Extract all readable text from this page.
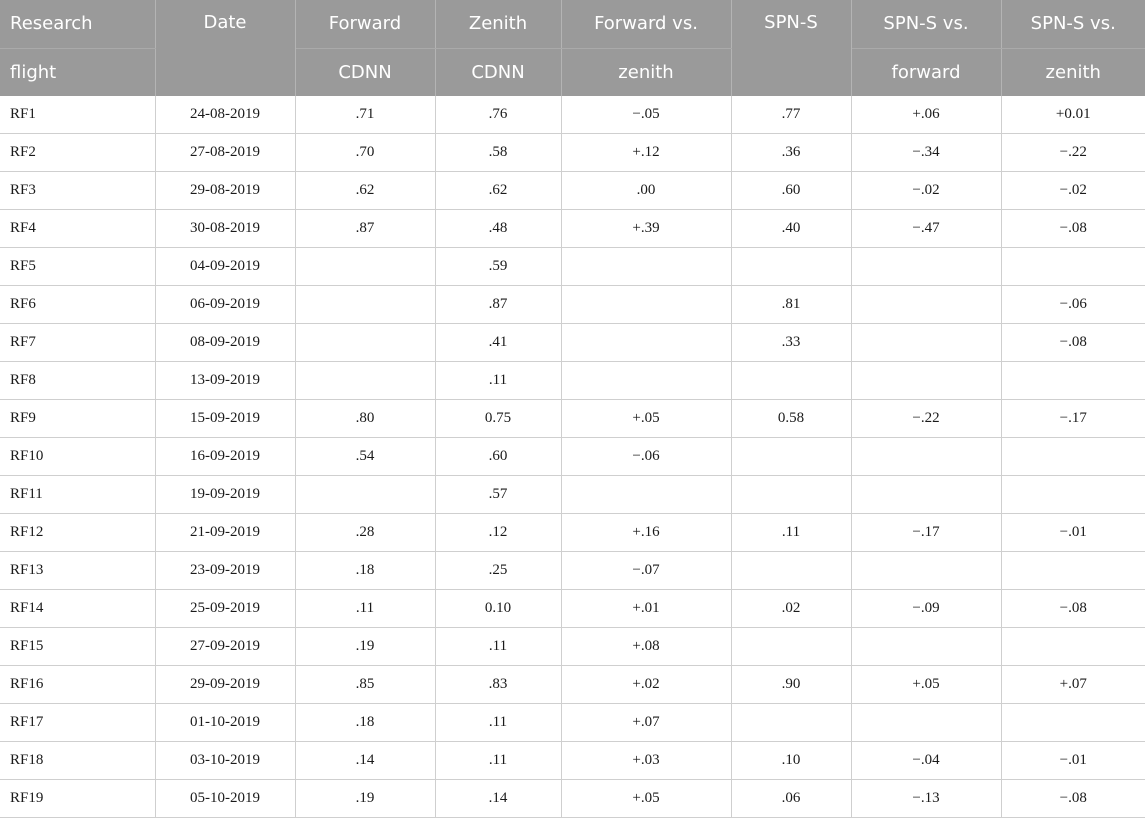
Research	Date	Forward	Zenith	Forward vs.	SPN-S	SPN-S vs.	SPN-S vs.
flight		CDNN	CDNN	zenith		forward	zenith
RF1	24-08-2019	.71	.76	−.05	.77	+.06	+0.01
RF2	27-08-2019	.70	.58	+.12	.36	−.34	−.22
RF3	29-08-2019	.62	.62	.00	.60	−.02	−.02
RF4	30-08-2019	.87	.48	+.39	.40	−.47	−.08
RF5	04-09-2019		.59				
RF6	06-09-2019		.87		.81		−.06
RF7	08-09-2019		.41		.33		−.08
RF8	13-09-2019		.11				
RF9	15-09-2019	.80	0.75	+.05	0.58	−.22	−.17
RF10	16-09-2019	.54	.60	−.06			
RF11	19-09-2019		.57				
RF12	21-09-2019	.28	.12	+.16	.11	−.17	−.01
RF13	23-09-2019	.18	.25	−.07			
RF14	25-09-2019	.11	0.10	+.01	.02	−.09	−.08
RF15	27-09-2019	.19	.11	+.08			
RF16	29-09-2019	.85	.83	+.02	.90	+.05	+.07
RF17	01-10-2019	.18	.11	+.07			
RF18	03-10-2019	.14	.11	+.03	.10	−.04	−.01
RF19	05-10-2019	.19	.14	+.05	.06	−.13	−.08
